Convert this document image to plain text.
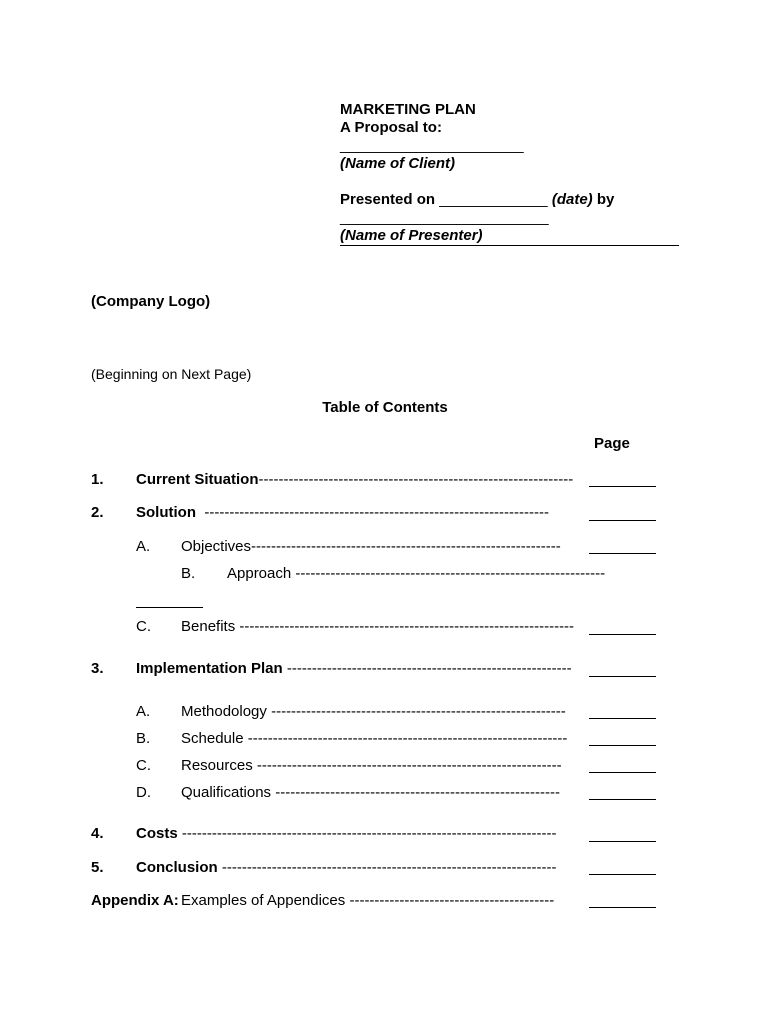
MARKETING PLAN
A Proposal to:
______________________
(Name of Client)
Presented on _____________ (date) by
_________________________
(Name of Presenter)
(Company Logo)
(Beginning on Next Page)
Table of Contents
Page
1. Current Situation---------------------------------------------------------------
2. Solution ---------------------------------------------------------------------
A. Objectives--------------------------------------------------------------
B. Approach --------------------------------------------------------------
C. Benefits -------------------------------------------------------------------
3. Implementation Plan ---------------------------------------------------------
A. Methodology -----------------------------------------------------------
B. Schedule ----------------------------------------------------------------
C. Resources -------------------------------------------------------------
D. Qualifications ---------------------------------------------------------
4. Costs ---------------------------------------------------------------------------
5. Conclusion -------------------------------------------------------------------
Appendix A: Examples of Appendices -----------------------------------------
